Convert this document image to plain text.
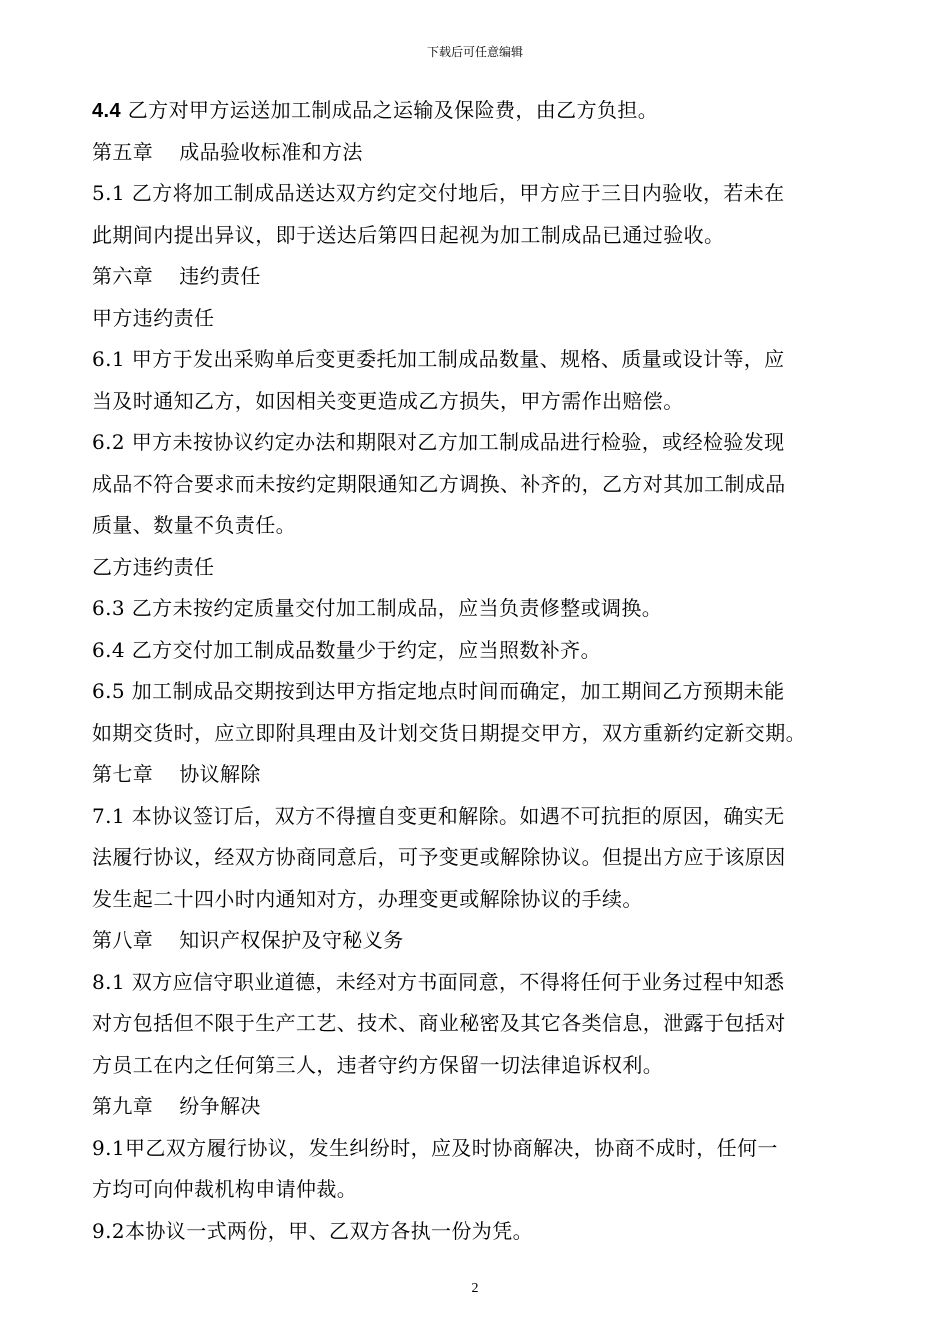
下载后可任意编辑
4.4 乙方对甲方运送加工制成品之运输及保险费，由乙方负担。
第五章 成品验收标准和方法
5.1 乙方将加工制成品送达双方约定交付地后，甲方应于三日内验收，若未在
此期间内提出异议，即于送达后第四日起视为加工制成品已通过验收。
第六章 违约责任
甲方违约责任
6.1 甲方于发出采购单后变更委托加工制成品数量、规格、质量或设计等，应
当及时通知乙方，如因相关变更造成乙方损失，甲方需作出赔偿。
6.2 甲方未按协议约定办法和期限对乙方加工制成品进行检验，或经检验发现
成品不符合要求而未按约定期限通知乙方调换、补齐的，乙方对其加工制成品
质量、数量不负责任。
乙方违约责任
6.3 乙方未按约定质量交付加工制成品，应当负责修整或调换。
6.4 乙方交付加工制成品数量少于约定，应当照数补齐。
6.5 加工制成品交期按到达甲方指定地点时间而确定，加工期间乙方预期未能
如期交货时，应立即附具理由及计划交货日期提交甲方，双方重新约定新交期。
第七章 协议解除
7.1 本协议签订后，双方不得擅自变更和解除。如遇不可抗拒的原因，确实无
法履行协议，经双方协商同意后，可予变更或解除协议。但提出方应于该原因
发生起二十四小时内通知对方，办理变更或解除协议的手续。
第八章 知识产权保护及守秘义务
8.1 双方应信守职业道德，未经对方书面同意，不得将任何于业务过程中知悉
对方包括但不限于生产工艺、技术、商业秘密及其它各类信息，泄露于包括对
方员工在内之任何第三人，违者守约方保留一切法律追诉权利。
第九章 纷争解决
9.1甲乙双方履行协议，发生纠纷时，应及时协商解决，协商不成时，任何一
方均可向仲裁机构申请仲裁。
9.2本协议一式两份，甲、乙双方各执一份为凭。
2
